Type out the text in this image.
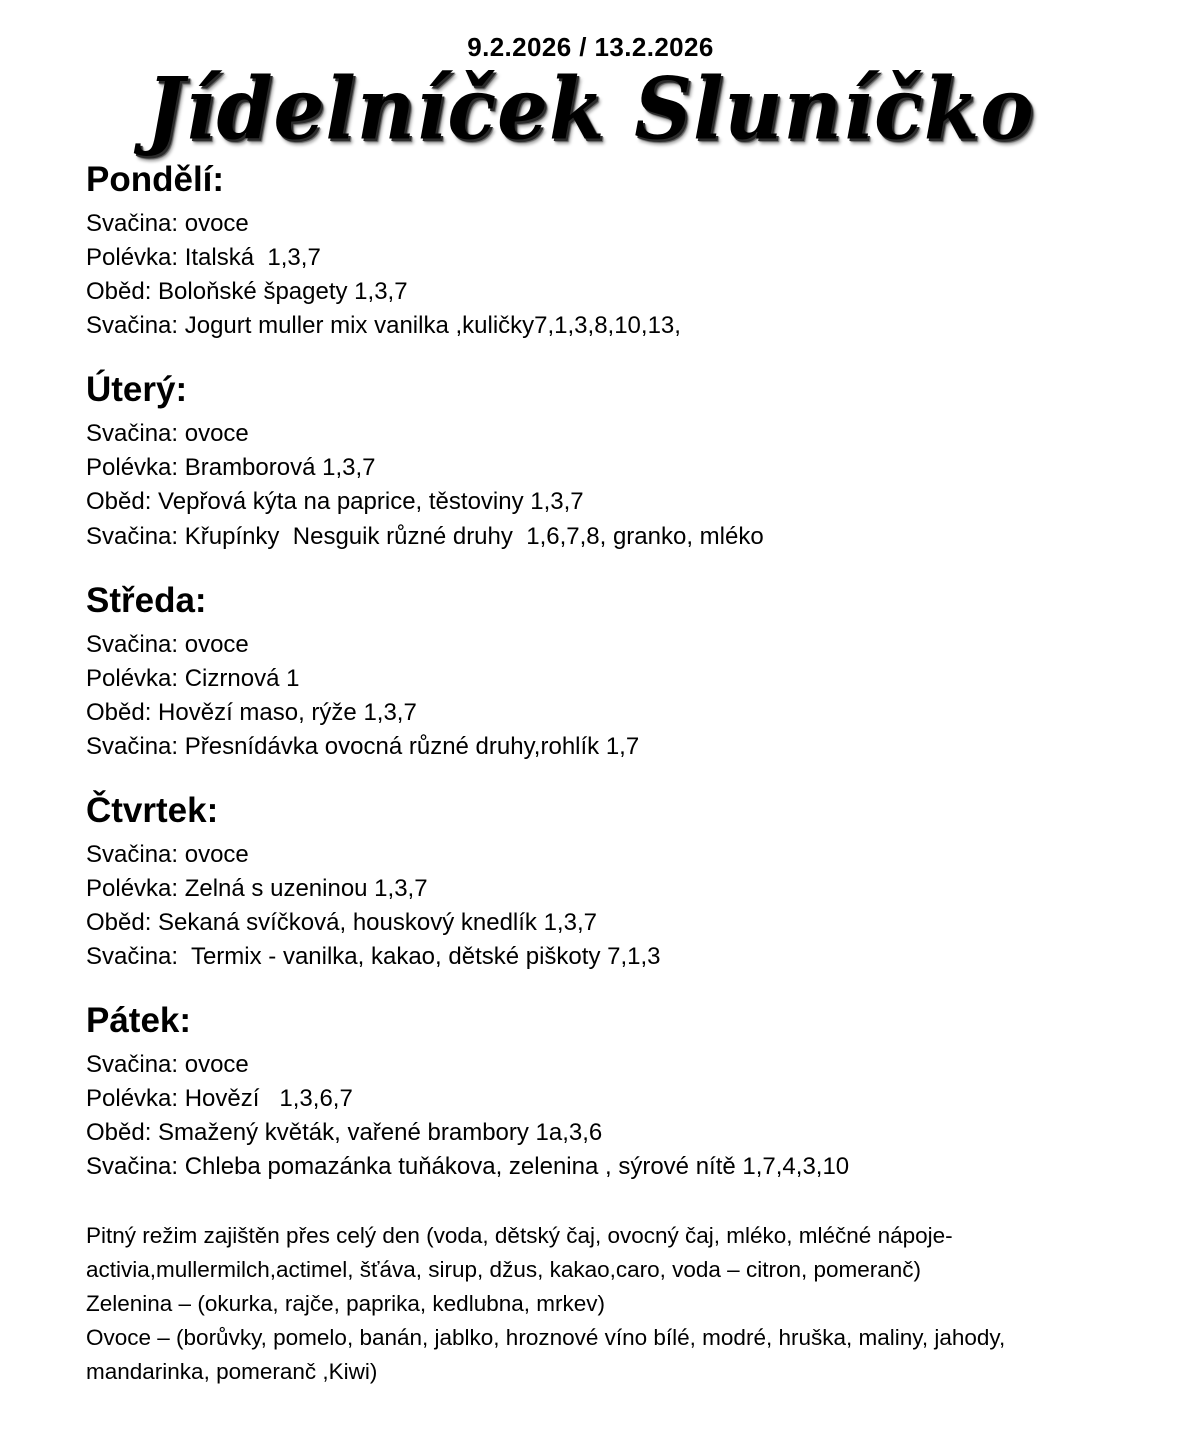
9.2.2026 / 13.2.2026
Jídelníček Sluníčko
Pondělí:

Svačina: ovoce

Polévka: Italská  1,3,7

Oběd: Boloňské špagety 1,3,7

Svačina: Jogurt muller mix vanilka ,kuličky7,1,3,8,10,13,

Úterý:

Svačina: ovoce

Polévka: Bramborová 1,3,7

Oběd: Vepřová kýta na paprice, těstoviny 1,3,7

Svačina: Křupínky  Nesguik různé druhy  1,6,7,8, granko, mléko

Středa:

Svačina: ovoce

Polévka: Cizrnová 1

Oběd: Hovězí maso, rýže 1,3,7

Svačina: Přesnídávka ovocná různé druhy,rohlík 1,7

Čtvrtek:

Svačina: ovoce

Polévka: Zelná s uzeninou 1,3,7

Oběd: Sekaná svíčková, houskový knedlík 1,3,7

Svačina:  Termix - vanilka, kakao, dětské piškoty 7,1,3

Pátek:

Svačina: ovoce

Polévka: Hovězí   1,3,6,7

Oběd: Smažený květák, vařené brambory 1a,3,6

Svačina: Chleba pomazánka tuňákova, zelenina , sýrové nítě 1,7,4,3,10

Pitný režim zajištěn přes celý den (voda, dětský čaj, ovocný čaj, mléko, mléčné nápoje-

activia,mullermilch,actimel, šťáva, sirup, džus, kakao,caro, voda – citron, pomeranč)

Zelenina – (okurka, rajče, paprika, kedlubna, mrkev)

Ovoce – (borůvky, pomelo, banán, jablko, hroznové víno bílé, modré, hruška, maliny, jahody,

mandarinka, pomeranč ,Kiwi)
